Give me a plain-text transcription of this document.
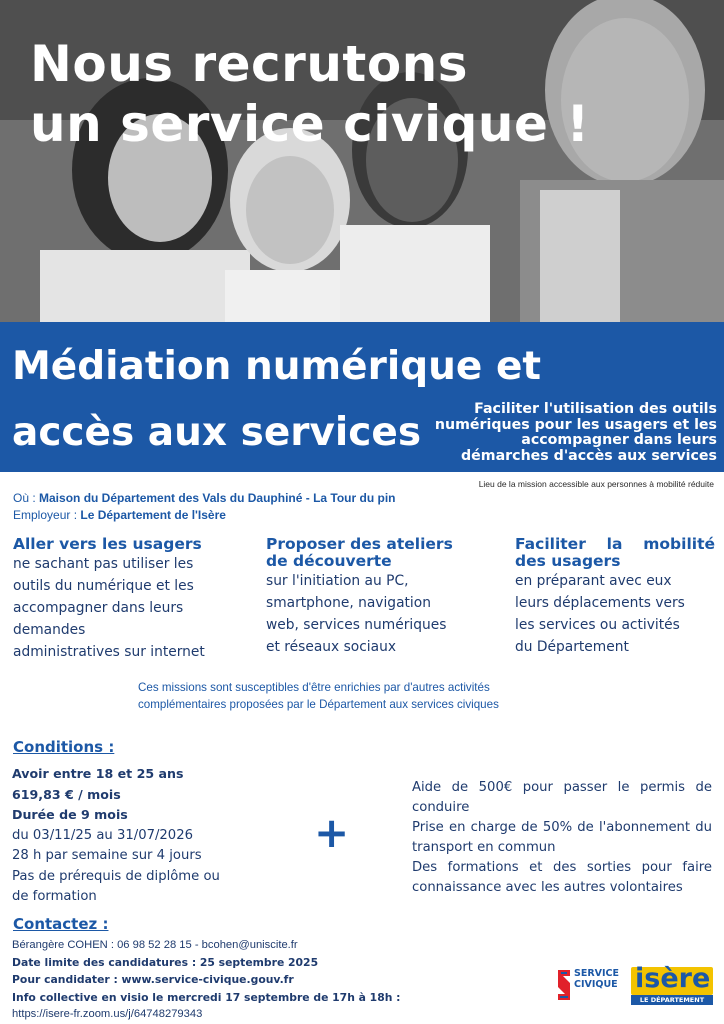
Nous recrutons
un service civique !
Médiation numérique et
accès aux services
Faciliter l'utilisation des outils
numériques pour les usagers et les
accompagner dans leurs
démarches d'accès aux services
Lieu de la mission accessible aux personnes à mobilité réduite
Où : Maison du Département des Vals du Dauphiné - La Tour du pin
Employeur : Le Département de l'Isère
Aller vers les usagers

ne sachant pas utiliser les
outils du numérique et les
accompagner dans leurs
demandes
administratives sur internet

Proposer des ateliers
de découverte

sur l'initiation au PC,
smartphone, navigation
web, services numériques
et réseaux sociaux

Faciliter la mobilité
des usagers

en préparant avec eux
leurs déplacements vers
les services ou activités
du Département

Ces missions sont susceptibles d'être enrichies par d'autres activités
complémentaires proposées par le Département aux services civiques
Conditions :
Avoir entre 18 et 25 ans
619,83 € / mois
Durée de 9 mois
du 03/11/25 au 31/07/2026
28 h par semaine sur 4 jours
Pas de prérequis de diplôme ou
de formation
+

Aide de 500€ pour passer le permis de conduire

Prise en charge de 50% de l'abonnement du transport en commun

Des formations et des sorties pour faire connaissance avec les autres volontaires

Contactez :
Bérangère COHEN : 06 98 52 28 15 - bcohen@uniscite.fr
Date limite des candidatures : 25 septembre 2025
Pour candidater : www.service-civique.gouv.fr
Info collective en visio le mercredi 17 septembre de 17h à 18h :
https://isere-fr.zoom.us/j/64748279343
SERVICE
CIVIQUE isère
LE DÉPARTEMENT
